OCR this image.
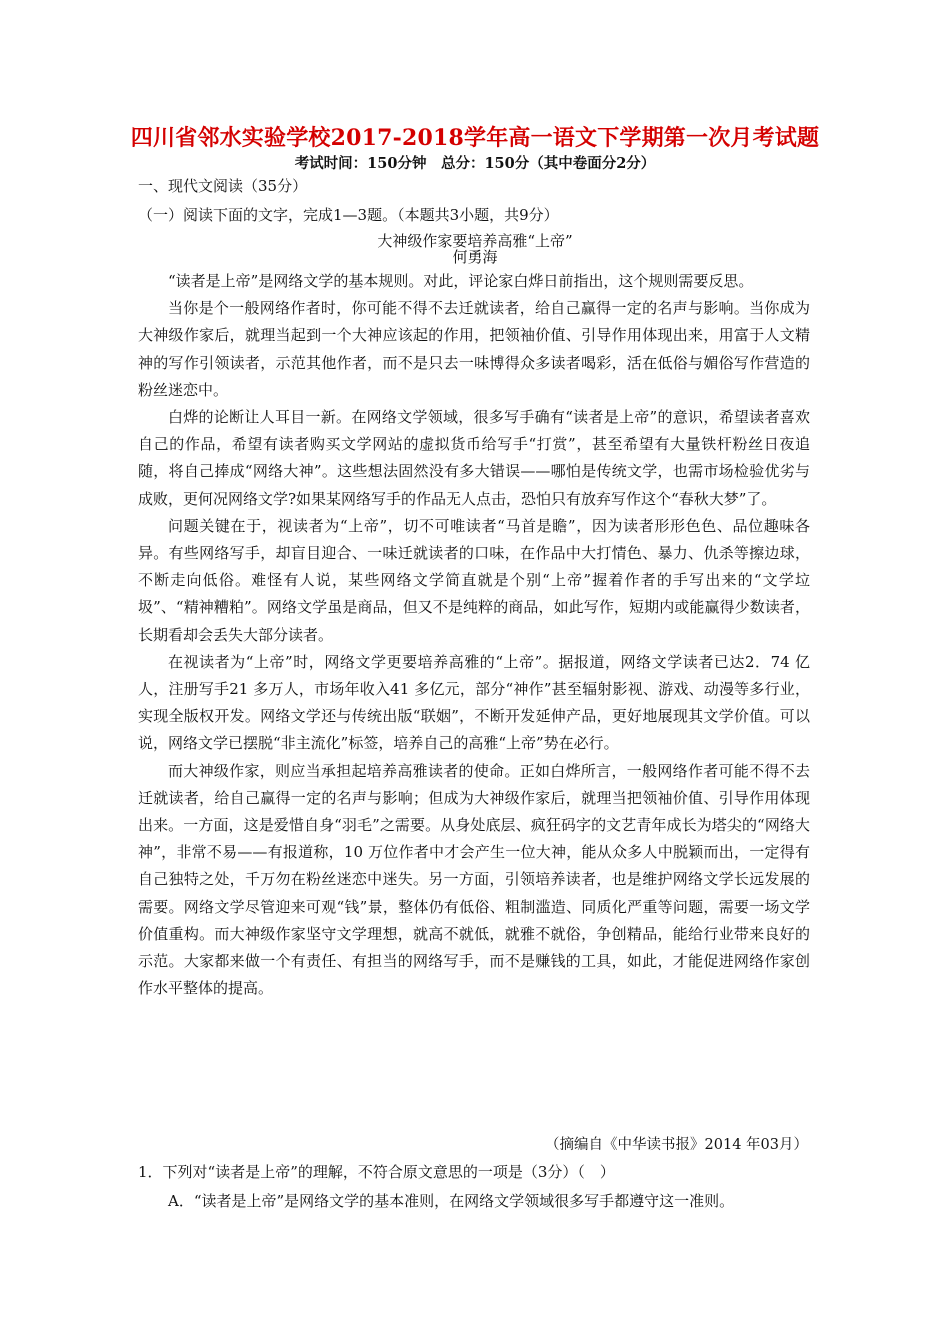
四川省邻水实验学校2017-2018学年高一语文下学期第一次月考试题
考试时间：150分钟　总分：150分（其中卷面分2分）
一、现代文阅读（35分）
（一）阅读下面的文字，完成1—3题。（本题共3小题，共9分）
大神级作家要培养高雅“上帝”
何勇海

“读者是上帝”是网络文学的基本规则。对此，评论家白烨日前指出，这个规则需要反思。

当你是个一般网络作者时，你可能不得不去迁就读者，给自己赢得一定的名声与影响。当你成为大神级作家后，就理当起到一个大神应该起的作用，把领袖价值、引导作用体现出来，用富于人文精神的写作引领读者，示范其他作者，而不是只去一味博得众多读者喝彩，活在低俗与媚俗写作营造的粉丝迷恋中。

白烨的论断让人耳目一新。在网络文学领域，很多写手确有“读者是上帝”的意识，希望读者喜欢自己的作品，希望有读者购买文学网站的虚拟货币给写手“打赏”，甚至希望有大量铁杆粉丝日夜追随，将自己捧成“网络大神”。这些想法固然没有多大错误——哪怕是传统文学，也需市场检验优劣与成败，更何况网络文学?如果某网络写手的作品无人点击，恐怕只有放弃写作这个“春秋大梦”了。

问题关键在于，视读者为“上帝”，切不可唯读者“马首是瞻”，因为读者形形色色、品位趣味各异。有些网络写手，却盲目迎合、一味迁就读者的口味，在作品中大打情色、暴力、仇杀等擦边球，不断走向低俗。难怪有人说，某些网络文学简直就是个别“上帝”握着作者的手写出来的“文学垃圾”、“精神糟粕”。网络文学虽是商品，但又不是纯粹的商品，如此写作，短期内或能赢得少数读者，长期看却会丢失大部分读者。

在视读者为“上帝”时，网络文学更要培养高雅的“上帝”。据报道，网络文学读者已达2．74 亿人，注册写手21 多万人，市场年收入41 多亿元，部分“神作”甚至辐射影视、游戏、动漫等多行业，实现全版权开发。网络文学还与传统出版“联姻”，不断开发延伸产品，更好地展现其文学价值。可以说，网络文学已摆脱“非主流化”标签，培养自己的高雅“上帝”势在必行。

而大神级作家，则应当承担起培养高雅读者的使命。正如白烨所言，一般网络作者可能不得不去迁就读者，给自己赢得一定的名声与影响；但成为大神级作家后，就理当把领袖价值、引导作用体现出来。一方面，这是爱惜自身“羽毛”之需要。从身处底层、疯狂码字的文艺青年成长为塔尖的“网络大神”，非常不易——有报道称，10 万位作者中才会产生一位大神，能从众多人中脱颖而出，一定得有自己独特之处，千万勿在粉丝迷恋中迷失。另一方面，引领培养读者，也是维护网络文学长远发展的需要。网络文学尽管迎来可观“钱”景，整体仍有低俗、粗制滥造、同质化严重等问题，需要一场文学价值重构。而大神级作家坚守文学理想，就高不就低，就雅不就俗，争创精品，能给行业带来良好的示范。大家都来做一个有责任、有担当的网络写手，而不是赚钱的工具，如此，才能促进网络作家创作水平整体的提高。

（摘编自《中华读书报》2014 年03月）
1．下列对“读者是上帝”的理解，不符合原文意思的一项是（3分）（　）
A．“读者是上帝”是网络文学的基本准则，在网络文学领域很多写手都遵守这一准则。
